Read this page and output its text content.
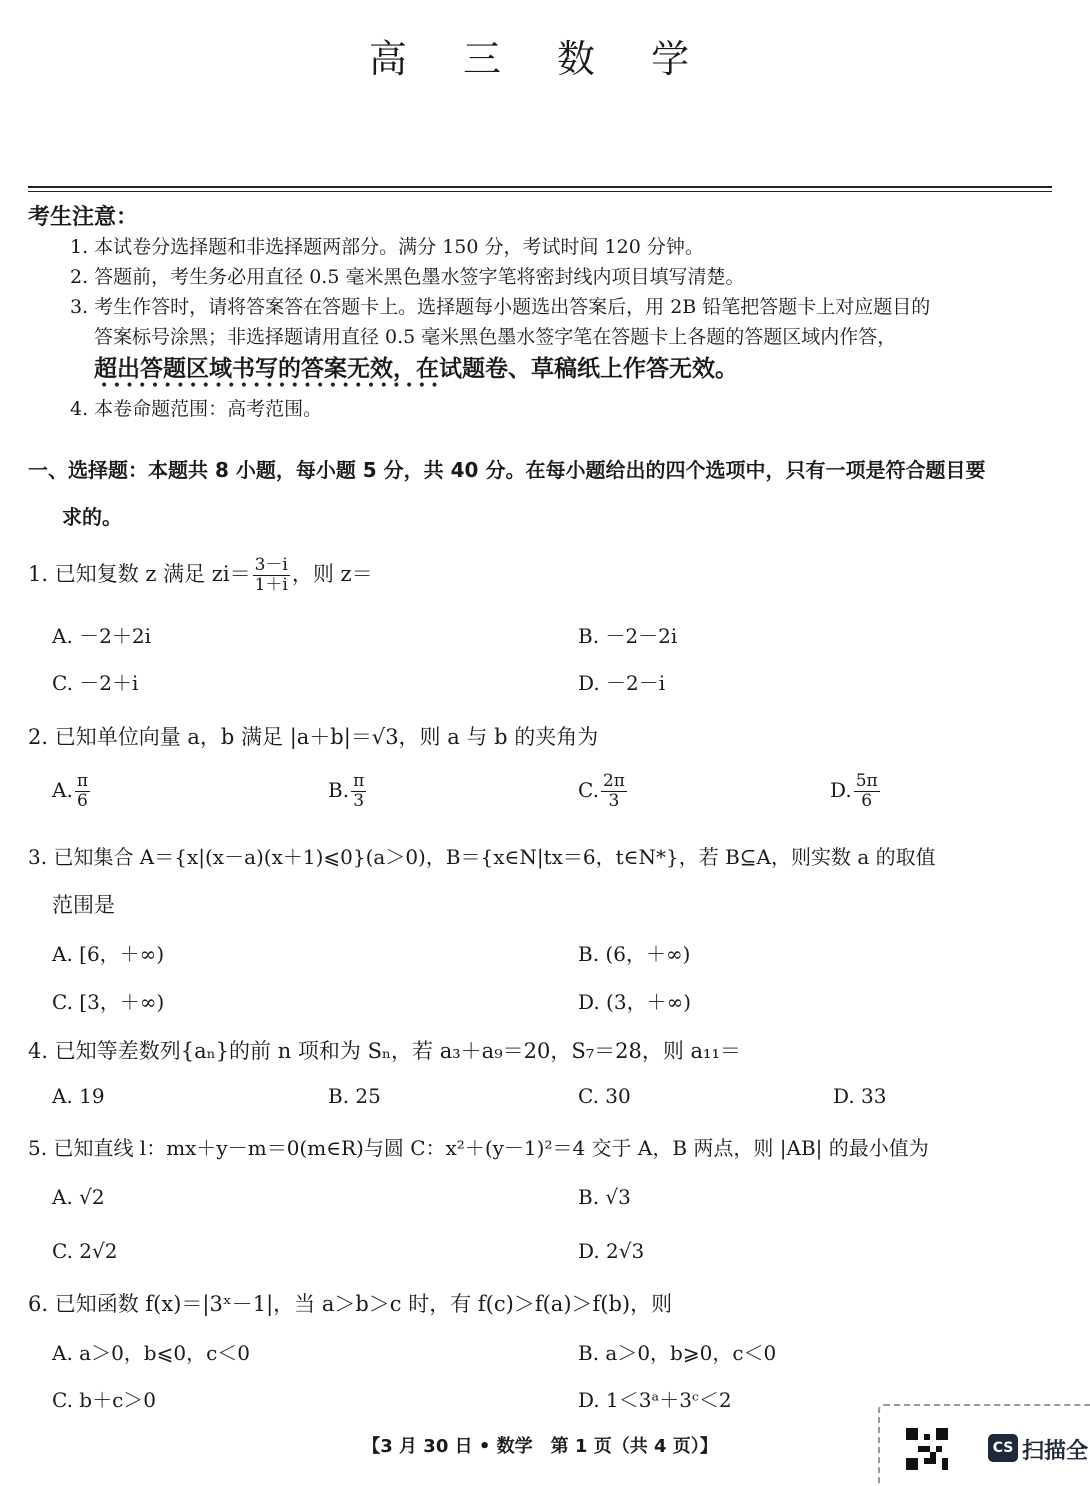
高 三 数 学
考生注意：
1. 本试卷分选择题和非选择题两部分。满分 150 分，考试时间 120 分钟。
2. 答题前，考生务必用直径 0.5 毫米黑色墨水签字笔将密封线内项目填写清楚。
3. 考生作答时，请将答案答在答题卡上。选择题每小题选出答案后，用 2B 铅笔把答题卡上对应题目的
答案标号涂黑；非选择题请用直径 0.5 毫米黑色墨水签字笔在答题卡上各题的答题区域内作答，
超出答题区域书写的答案无效，在试题卷、草稿纸上作答无效。
• • • • • • • • • • • • • • • • • • • • • • • • • • •
4. 本卷命题范围：高考范围。
一、选择题：本题共 8 小题，每小题 5 分，共 40 分。在每小题给出的四个选项中，只有一项是符合题目要
求的。
1. 已知复数 z 满足 $zi= \frac{3-i}{1+i}$ ，则 z＝
A. －2＋2i	B. －2－2i
C. －2＋i	D. －2－i
2. 已知单位向量 a，b 满足 |a＋b|＝√3，则 a 与 b 的夹角为
A. $\frac{\pi}{6}$	B. $\frac{\pi}{3}$	C. $\frac{2\pi}{3}$	D. $\frac{5\pi}{6}$
3. 已知集合 A＝{x|(x－a)(x＋1)⩽0}(a＞0)，B＝{x∈N|tx＝6，t∈N*}，若 B⊆A，则实数 a 的取值
范围是
A. [6，＋∞)	B. (6，＋∞)
C. [3，＋∞)	D. (3，＋∞)
4. 已知等差数列{aₙ}的前 n 项和为 Sₙ，若 a₃＋a₉＝20，S₇＝28，则 a₁₁＝
A. 19	B. 25	C. 30	D. 33
5. 已知直线 l：mx＋y－m＝0(m∈R)与圆 C：x²＋(y－1)²＝4 交于 A，B 两点，则 |AB| 的最小值为
A. √2	B. √3
C. 2√2	D. 2√3
6. 已知函数 f(x)＝|3ˣ－1|，当 a＞b＞c 时，有 f(c)＞f(a)＞f(b)，则
A. a＞0，b⩽0，c＜0	B. a＞0，b⩾0，c＜0
C. b＋c＞0	D. 1＜3ᵃ＋3ᶜ＜2
【3 月 30 日 • 数学　第 1 页（共 4 页）】	CS 扫描全
